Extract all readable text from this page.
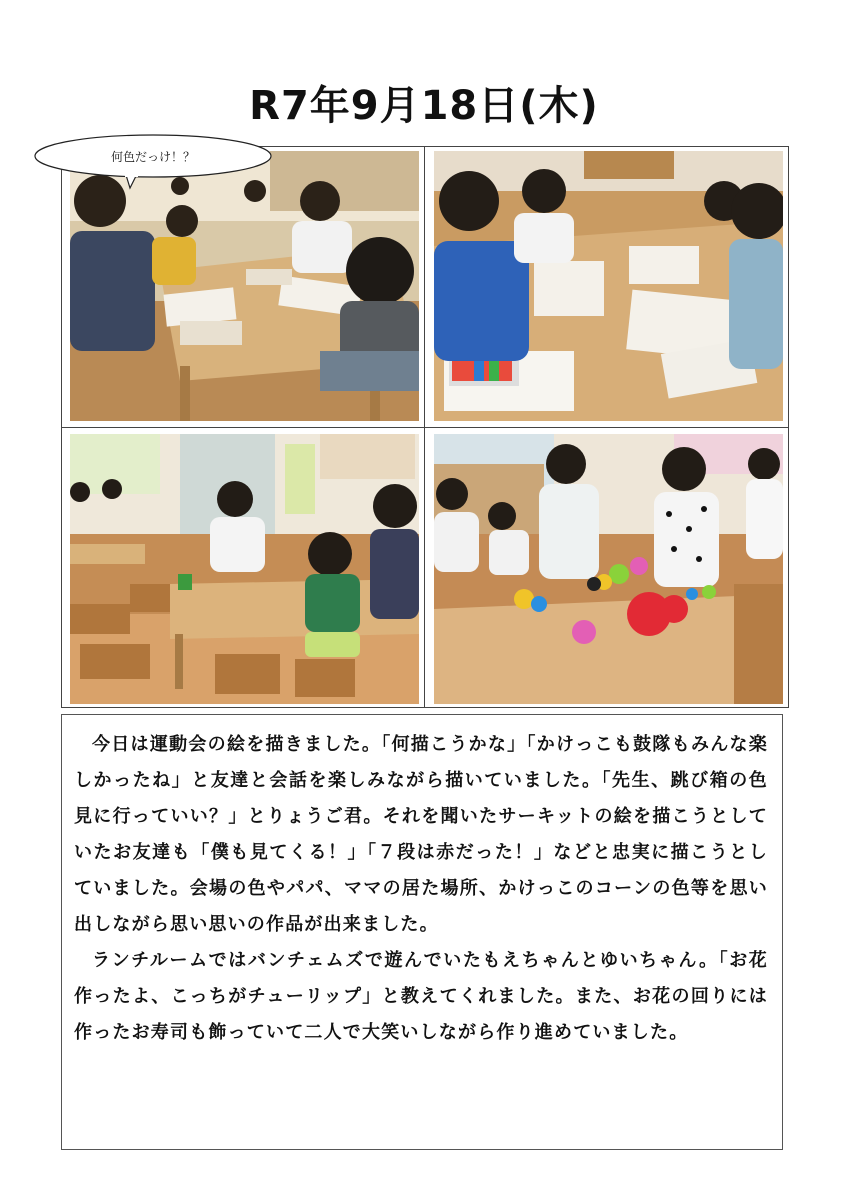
R7年9月18日(木)
何色だっけ！？

今日は運動会の絵を描きました。「何描こうかな」「かけっこも鼓隊もみんな楽しかったね」と友達と会話を楽しみながら描いていました。「先生、跳び箱の色見に行っていい？」とりょうご君。それを聞いたサーキットの絵を描こうとしていたお友達も「僕も見てくる！」「７段は赤だった！」などと忠実に描こうとしていました。会場の色やパパ、ママの居た場所、かけっこのコーンの色等を思い出しながら思い思いの作品が出来ました。

ランチルームではバンチェムズで遊んでいたもえちゃんとゆいちゃん。「お花作ったよ、こっちがチューリップ」と教えてくれました。また、お花の回りには作ったお寿司も飾っていて二人で大笑いしながら作り進めていました。
